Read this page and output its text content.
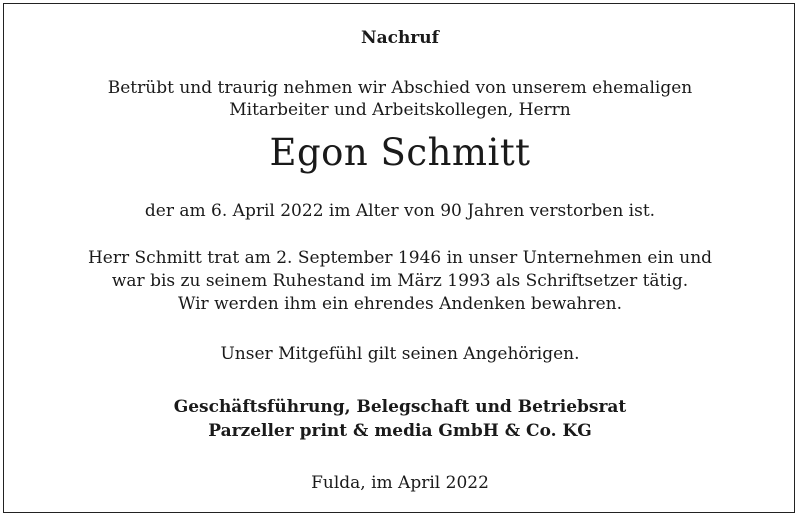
Nachruf
Betrübt und traurig nehmen wir Abschied von unserem ehemaligen
Mitarbeiter und Arbeitskollegen, Herrn
Egon Schmitt
der am 6. April 2022 im Alter von 90 Jahren verstorben ist.
Herr Schmitt trat am 2. September 1946 in unser Unternehmen ein und
war bis zu seinem Ruhestand im März 1993 als Schriftsetzer tätig.
Wir werden ihm ein ehrendes Andenken bewahren.
Unser Mitgefühl gilt seinen Angehörigen.
Geschäftsführung, Belegschaft und Betriebsrat
Parzeller print & media GmbH & Co. KG
Fulda, im April 2022
